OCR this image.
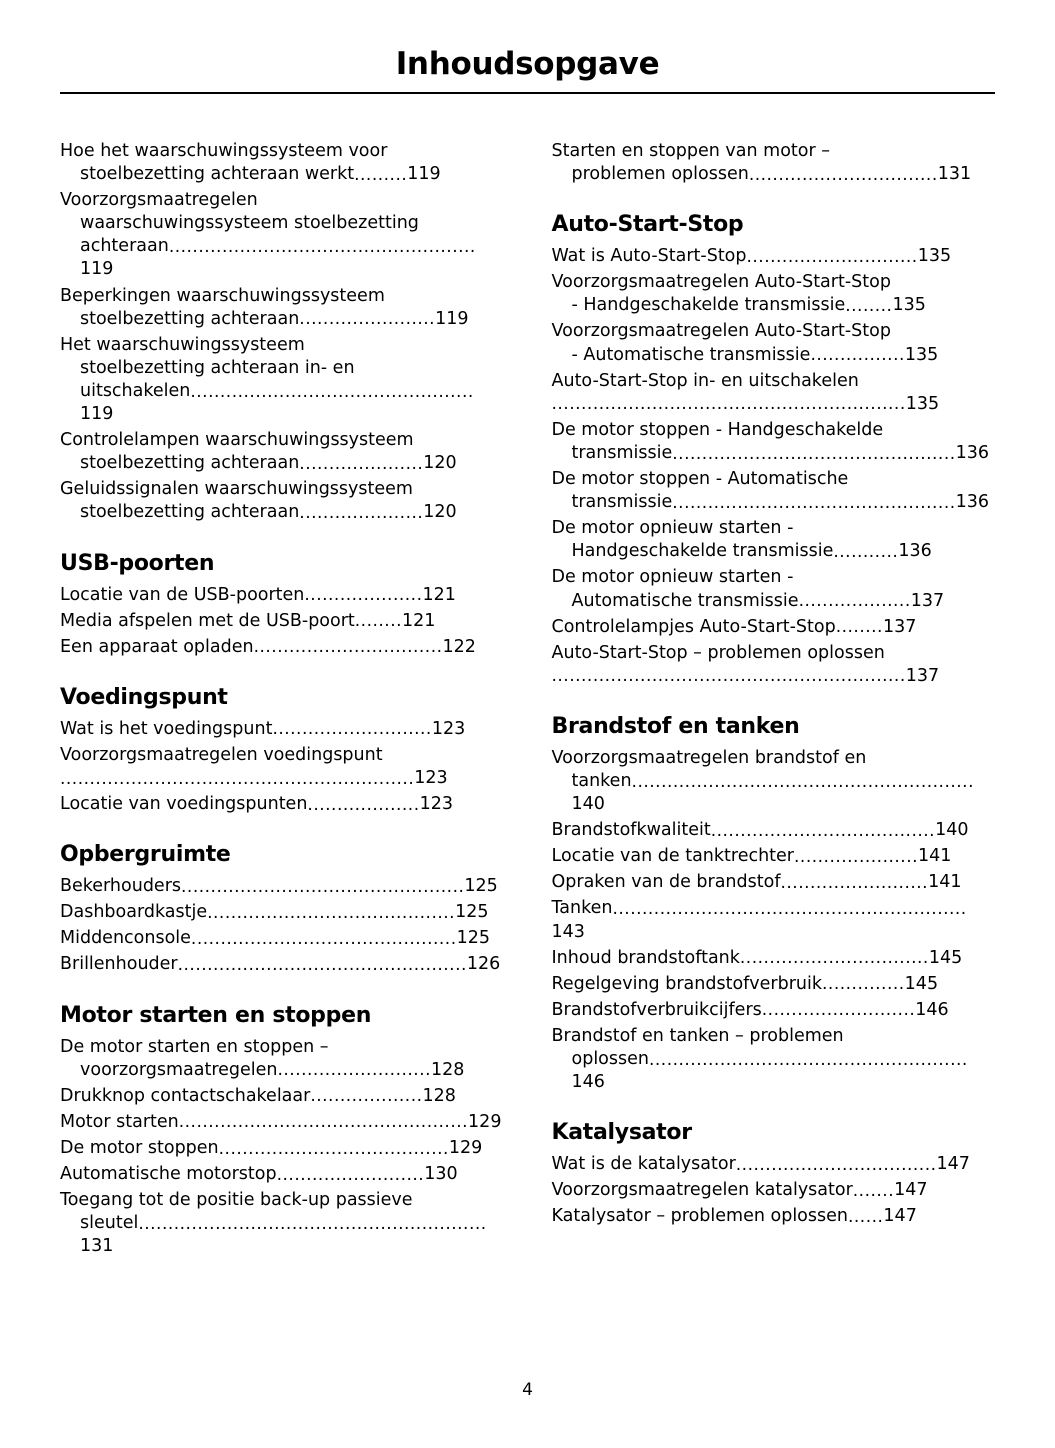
Inhoudsopgave
Hoe het waarschuwingssysteem voor
stoelbezetting achteraan werkt.........119
Voorzorgsmaatregelen
waarschuwingssysteem stoelbezetting
achteraan....................................................119
Beperkingen waarschuwingssysteem
stoelbezetting achteraan.......................119
Het waarschuwingssysteem
stoelbezetting achteraan in- en
uitschakelen................................................119
Controlelampen waarschuwingssysteem
stoelbezetting achteraan.....................120
Geluidssignalen waarschuwingssysteem
stoelbezetting achteraan.....................120
USB-poorten
Locatie van de USB-poorten....................121
Media afspelen met de USB-poort........121
Een apparaat opladen................................122
Voedingspunt
Wat is het voedingspunt...........................123
Voorzorgsmaatregelen voedingspunt............................................................123
Locatie van voedingspunten...................123
Opbergruimte
Bekerhouders................................................125
Dashboardkastje..........................................125
Middenconsole.............................................125
Brillenhouder.................................................126
Motor starten en stoppen
De motor starten en stoppen –
voorzorgsmaatregelen..........................128
Drukknop contactschakelaar...................128
Motor starten.................................................129
De motor stoppen.......................................129
Automatische motorstop.........................130
Toegang tot de positie back-up passieve
sleutel...........................................................131
Starten en stoppen van motor –
problemen oplossen................................131
Auto-Start-Stop
Wat is Auto-Start-Stop.............................135
Voorzorgsmaatregelen Auto-Start-Stop
- Handgeschakelde transmissie........135
Voorzorgsmaatregelen Auto-Start-Stop
- Automatische transmissie................135
Auto-Start-Stop in- en uitschakelen............................................................135
De motor stoppen - Handgeschakelde
transmissie................................................136
De motor stoppen - Automatische
transmissie................................................136
De motor opnieuw starten -
Handgeschakelde transmissie...........136
De motor opnieuw starten -
Automatische transmissie...................137
Controlelampjes Auto-Start-Stop........137
Auto-Start-Stop – problemen oplossen............................................................137
Brandstof en tanken
Voorzorgsmaatregelen brandstof en
tanken..........................................................140
Brandstofkwaliteit......................................140
Locatie van de tanktrechter.....................141
Opraken van de brandstof.........................141
Tanken............................................................143
Inhoud brandstoftank................................145
Regelgeving brandstofverbruik..............145
Brandstofverbruikcijfers..........................146
Brandstof en tanken – problemen
oplossen......................................................146
Katalysator
Wat is de katalysator..................................147
Voorzorgsmaatregelen katalysator.......147
Katalysator – problemen oplossen......147
4
